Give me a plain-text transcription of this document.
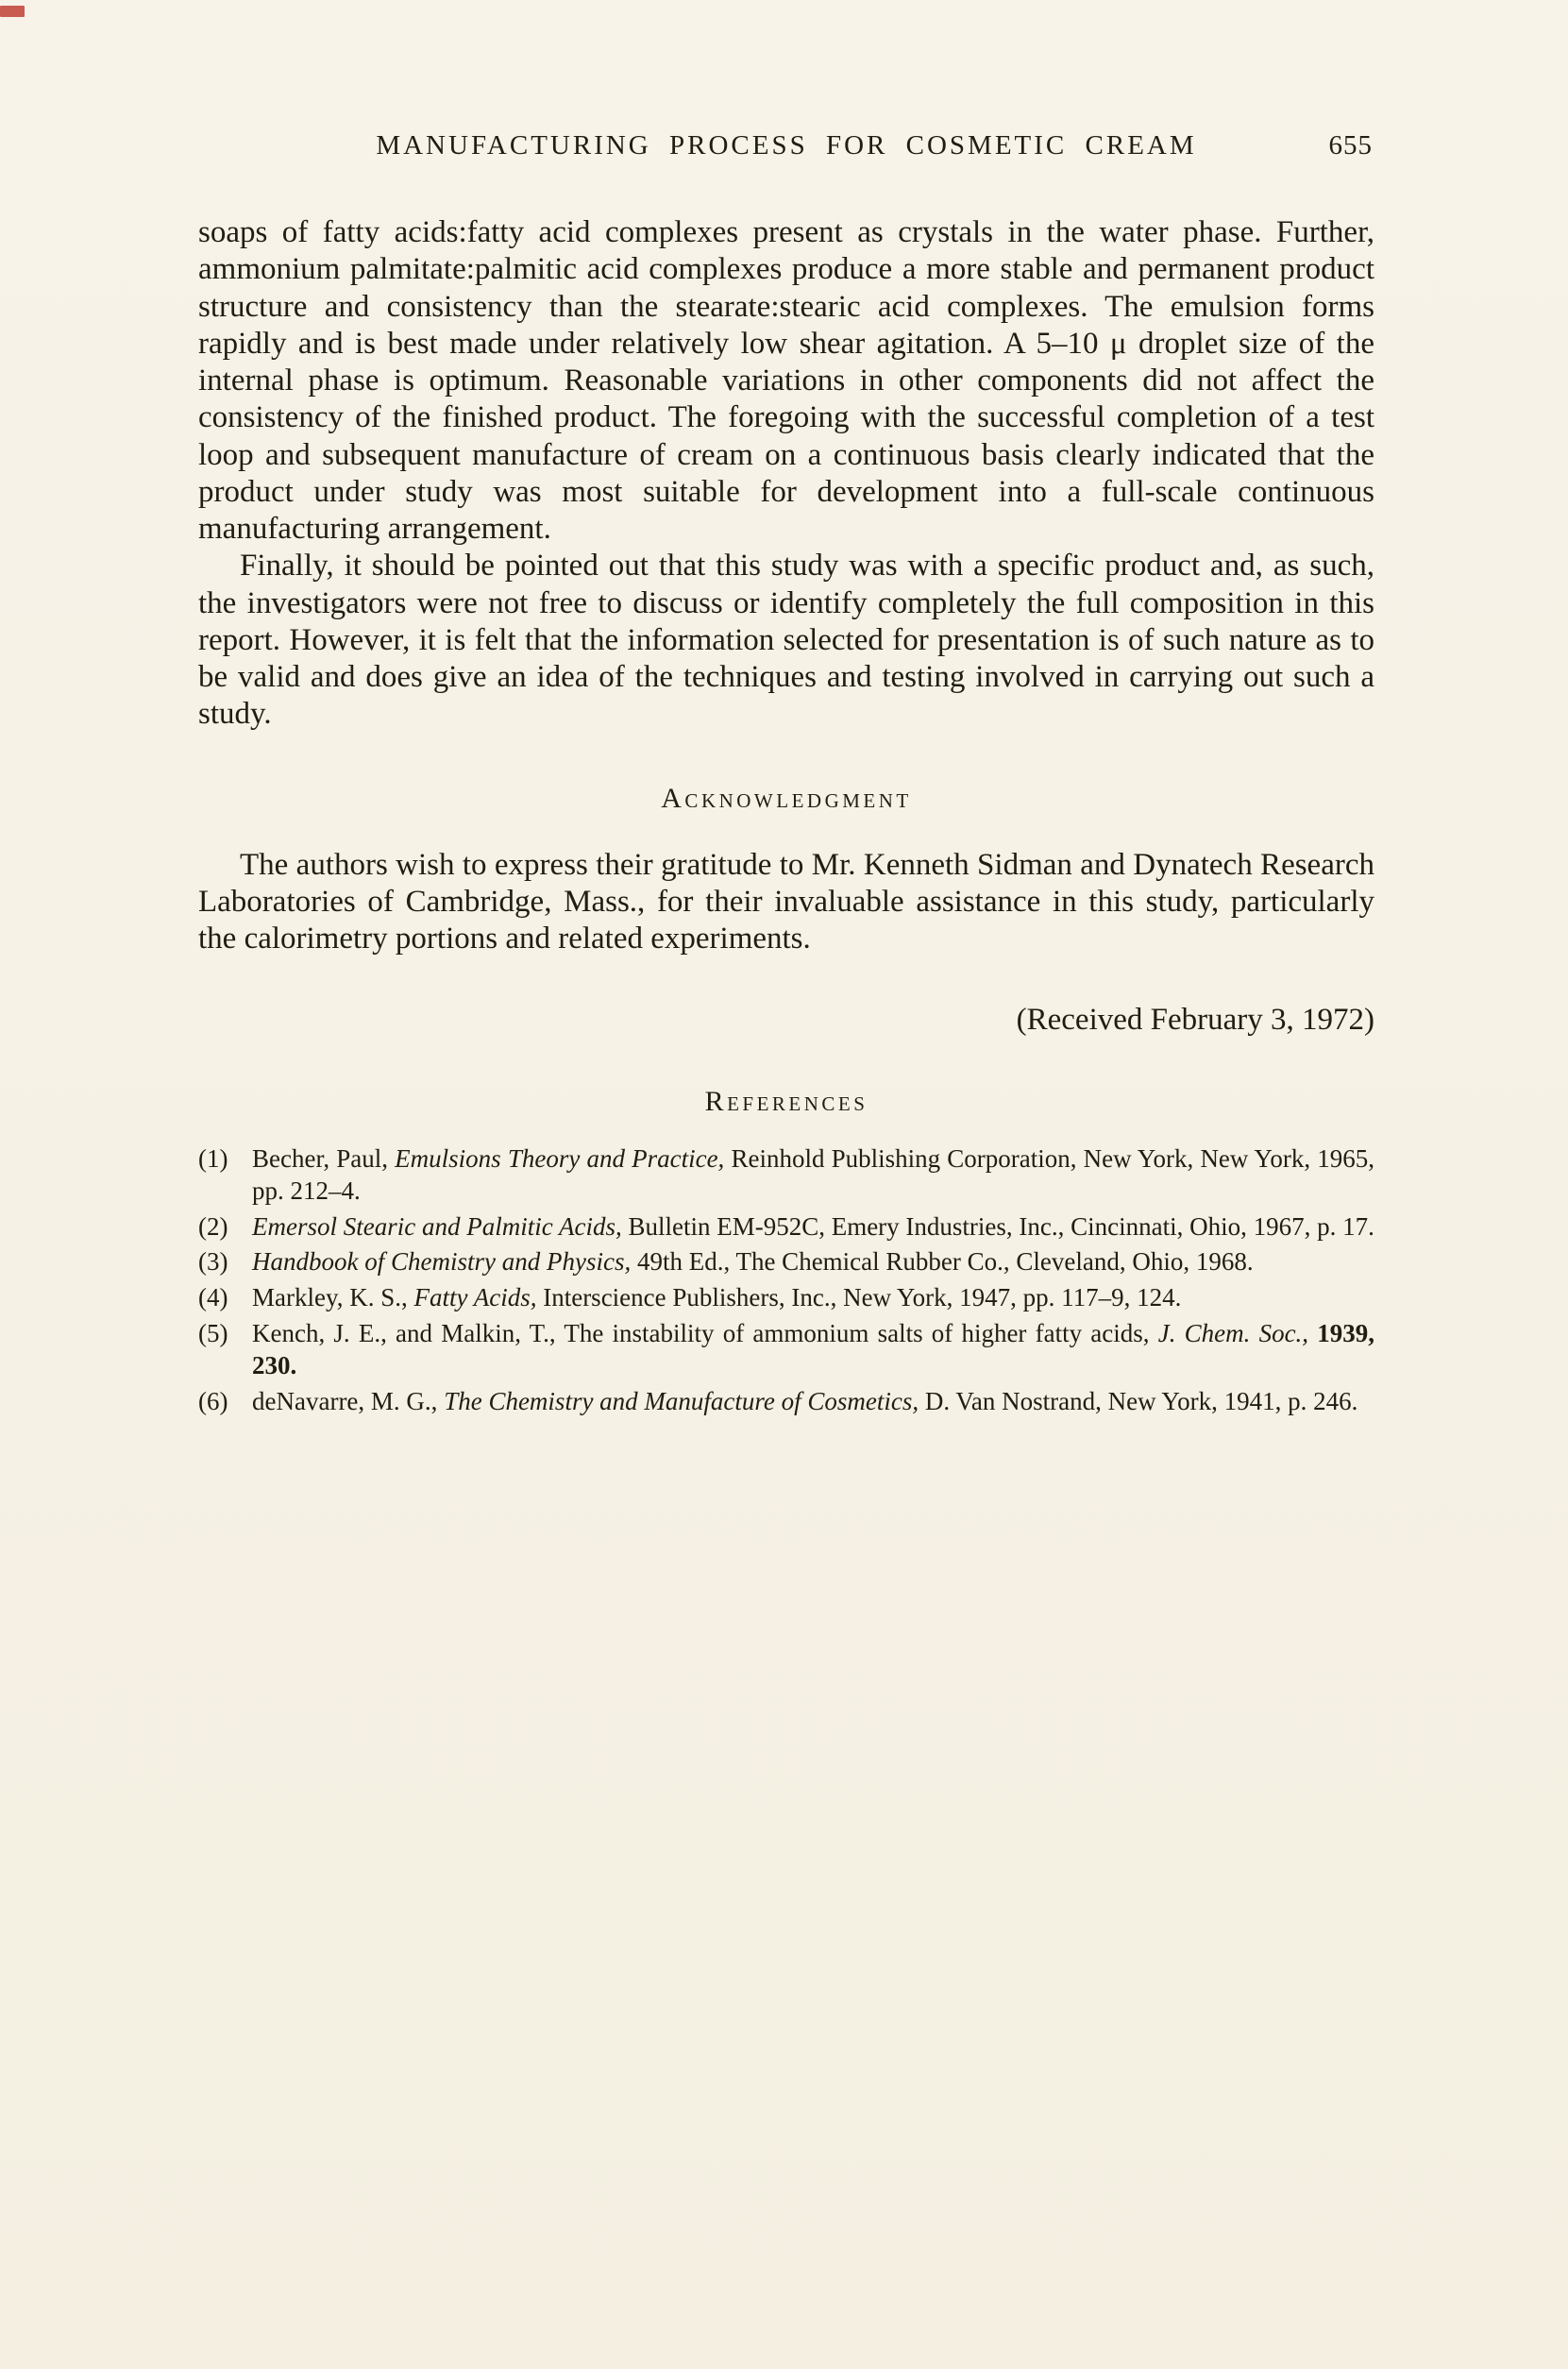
MANUFACTURING PROCESS FOR COSMETIC CREAM	655

soaps of fatty acids:fatty acid complexes present as crystals in the water phase. Further, ammonium palmitate:palmitic acid complexes produce a more stable and permanent product structure and consistency than the stearate:stearic acid complexes. The emulsion forms rapidly and is best made under relatively low shear agitation. A 5–10 μ droplet size of the internal phase is optimum. Reasonable variations in other components did not affect the consistency of the finished product. The foregoing with the successful completion of a test loop and subsequent manufacture of cream on a continuous basis clearly indicated that the product under study was most suitable for development into a full-scale continuous manufacturing arrangement.

Finally, it should be pointed out that this study was with a specific product and, as such, the investigators were not free to discuss or identify completely the full composition in this report. However, it is felt that the information selected for presentation is of such nature as to be valid and does give an idea of the techniques and testing involved in carrying out such a study.

Acknowledgment

The authors wish to express their gratitude to Mr. Kenneth Sidman and Dynatech Research Laboratories of Cambridge, Mass., for their invaluable assistance in this study, particularly the calorimetry portions and related experiments.

(Received February 3, 1972)

References
(1) Becher, Paul, Emulsions Theory and Practice, Reinhold Publishing Corporation, New York, New York, 1965, pp. 212–4.
(2) Emersol Stearic and Palmitic Acids, Bulletin EM-952C, Emery Industries, Inc., Cincinnati, Ohio, 1967, p. 17.
(3) Handbook of Chemistry and Physics, 49th Ed., The Chemical Rubber Co., Cleveland, Ohio, 1968.
(4) Markley, K. S., Fatty Acids, Interscience Publishers, Inc., New York, 1947, pp. 117–9, 124.
(5) Kench, J. E., and Malkin, T., The instability of ammonium salts of higher fatty acids, J. Chem. Soc., 1939, 230.
(6) deNavarre, M. G., The Chemistry and Manufacture of Cosmetics, D. Van Nostrand, New York, 1941, p. 246.
